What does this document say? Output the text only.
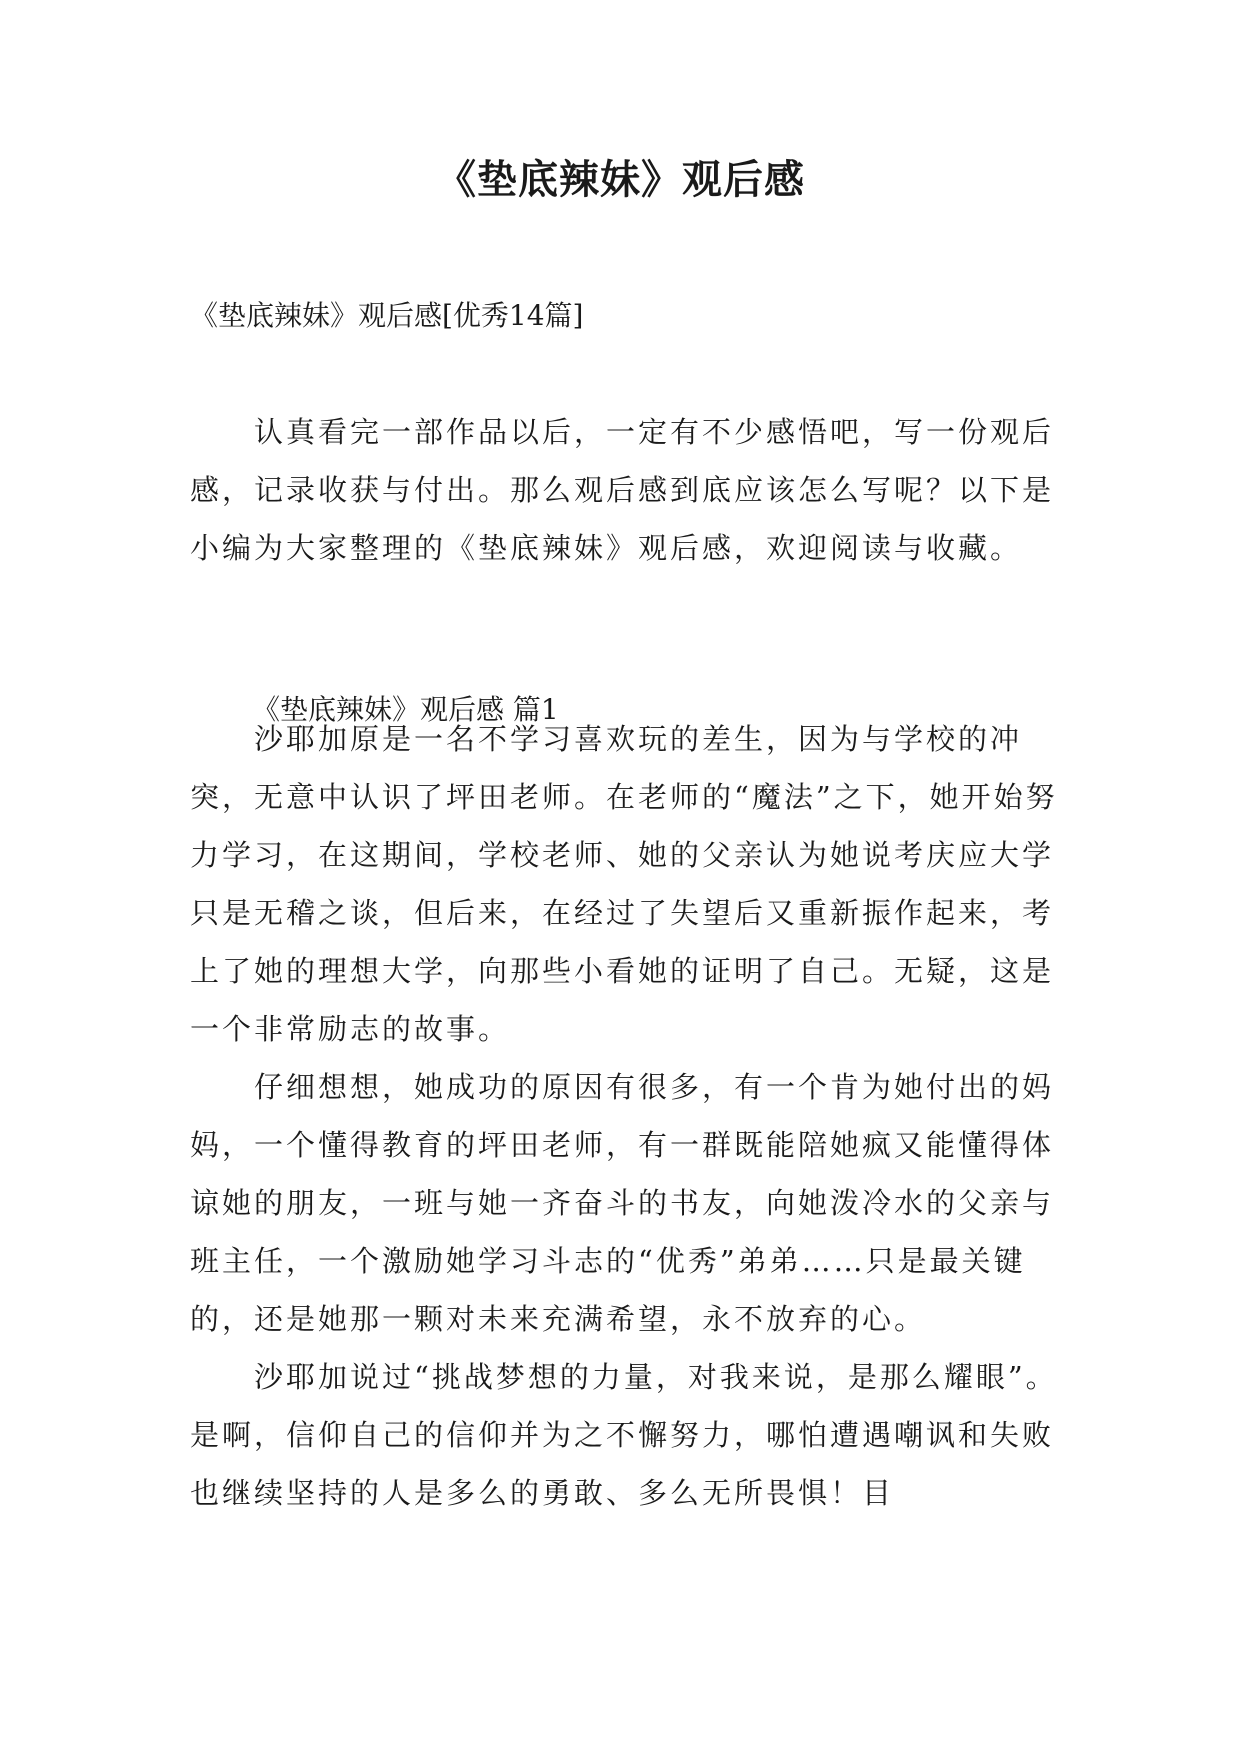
《垫底辣妹》观后感
《垫底辣妹》观后感[优秀14篇]

认真看完一部作品以后，一定有不少感悟吧，写一份观后感，记录收获与付出。那么观后感到底应该怎么写呢？以下是小编为大家整理的《垫底辣妹》观后感，欢迎阅读与收藏。

《垫底辣妹》观后感 篇1

沙耶加原是一名不学习喜欢玩的差生，因为与学校的冲突，无意中认识了坪田老师。在老师的“魔法”之下，她开始努力学习，在这期间，学校老师、她的父亲认为她说考庆应大学只是无稽之谈，但后来，在经过了失望后又重新振作起来，考上了她的理想大学，向那些小看她的证明了自己。无疑，这是一个非常励志的故事。

仔细想想，她成功的原因有很多，有一个肯为她付出的妈妈，一个懂得教育的坪田老师，有一群既能陪她疯又能懂得体谅她的朋友，一班与她一齐奋斗的书友，向她泼冷水的父亲与班主任，一个激励她学习斗志的“优秀”弟弟……只是最关键的，还是她那一颗对未来充满希望，永不放弃的心。

沙耶加说过“挑战梦想的力量，对我来说，是那么耀眼”。是啊，信仰自己的信仰并为之不懈努力，哪怕遭遇嘲讽和失败也继续坚持的人是多么的勇敢、多么无所畏惧！目
